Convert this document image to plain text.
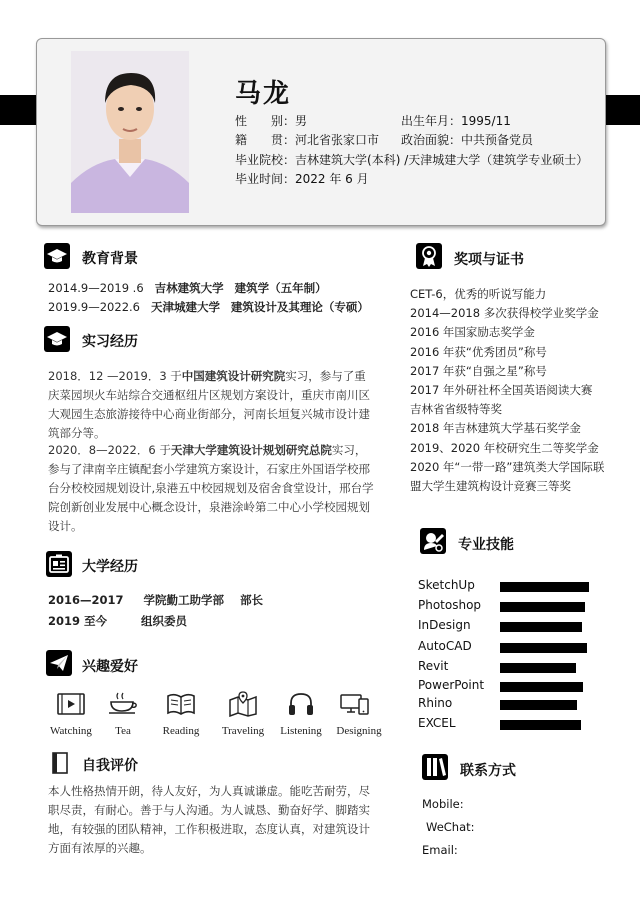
马龙
性　　别：男	出生年月：1995/11
籍　　贯：河北省张家口市 政治面貌：中共预备党员
毕业院校：吉林建筑大学(本科) /天津城建大学（建筑学专业硕士）
毕业时间：2022 年 6 月
教育背景
2014.9—2019 .6 吉林建筑大学 建筑学（五年制）
2019.9—2022.6 天津城建大学 建筑设计及其理论（专硕）
实习经历
2018．12 —2019．3 于中国建筑设计研究院实习，参与了重庆菜园坝火车站综合交通枢纽片区规划方案设计，重庆市南川区大观园生态旅游接待中心商业街部分，河南长垣复兴城市设计建筑部分等。
2020．8—2022．6 于天津大学建筑设计规划研究总院实习，参与了津南辛庄镇配套小学建筑方案设计，石家庄外国语学校邢台分校校园规划设计,泉港五中校园规划及宿舍食堂设计，邢台学院创新创业发展中心概念设计，泉港涂岭第二中心小学校园规划设计。
大学经历
2016—2017 学院勤工助学部 部长
2019 至今	组织委员
兴趣爱好
Watching	Tea	Reading	Traveling	Listening	Designing
自我评价
本人性格热情开朗，待人友好，为人真诚谦虚。能吃苦耐劳，尽职尽责，有耐心。善于与人沟通。为人诚恳、勤奋好学、脚踏实地，有较强的团队精神，工作积极进取，态度认真，对建筑设计方面有浓厚的兴趣。
奖项与证书
CET-6，优秀的听说写能力
2014—2018 多次获得校学业奖学金
2016 年国家励志奖学金
2016 年获“优秀团员”称号
2017 年获“自强之星”称号
2017 年外研社杯全国英语阅读大赛
吉林省省级特等奖
2018 年吉林建筑大学基石奖学金
2019、2020 年校研究生二等奖学金
2020 年“一带一路”建筑类大学国际联
盟大学生建筑构设计竞赛三等奖
专业技能
SketchUp
Photoshop
InDesign
AutoCAD
Revit
PowerPoint
Rhino
EXCEL
联系方式
Mobile:
WeChat:
Email:
